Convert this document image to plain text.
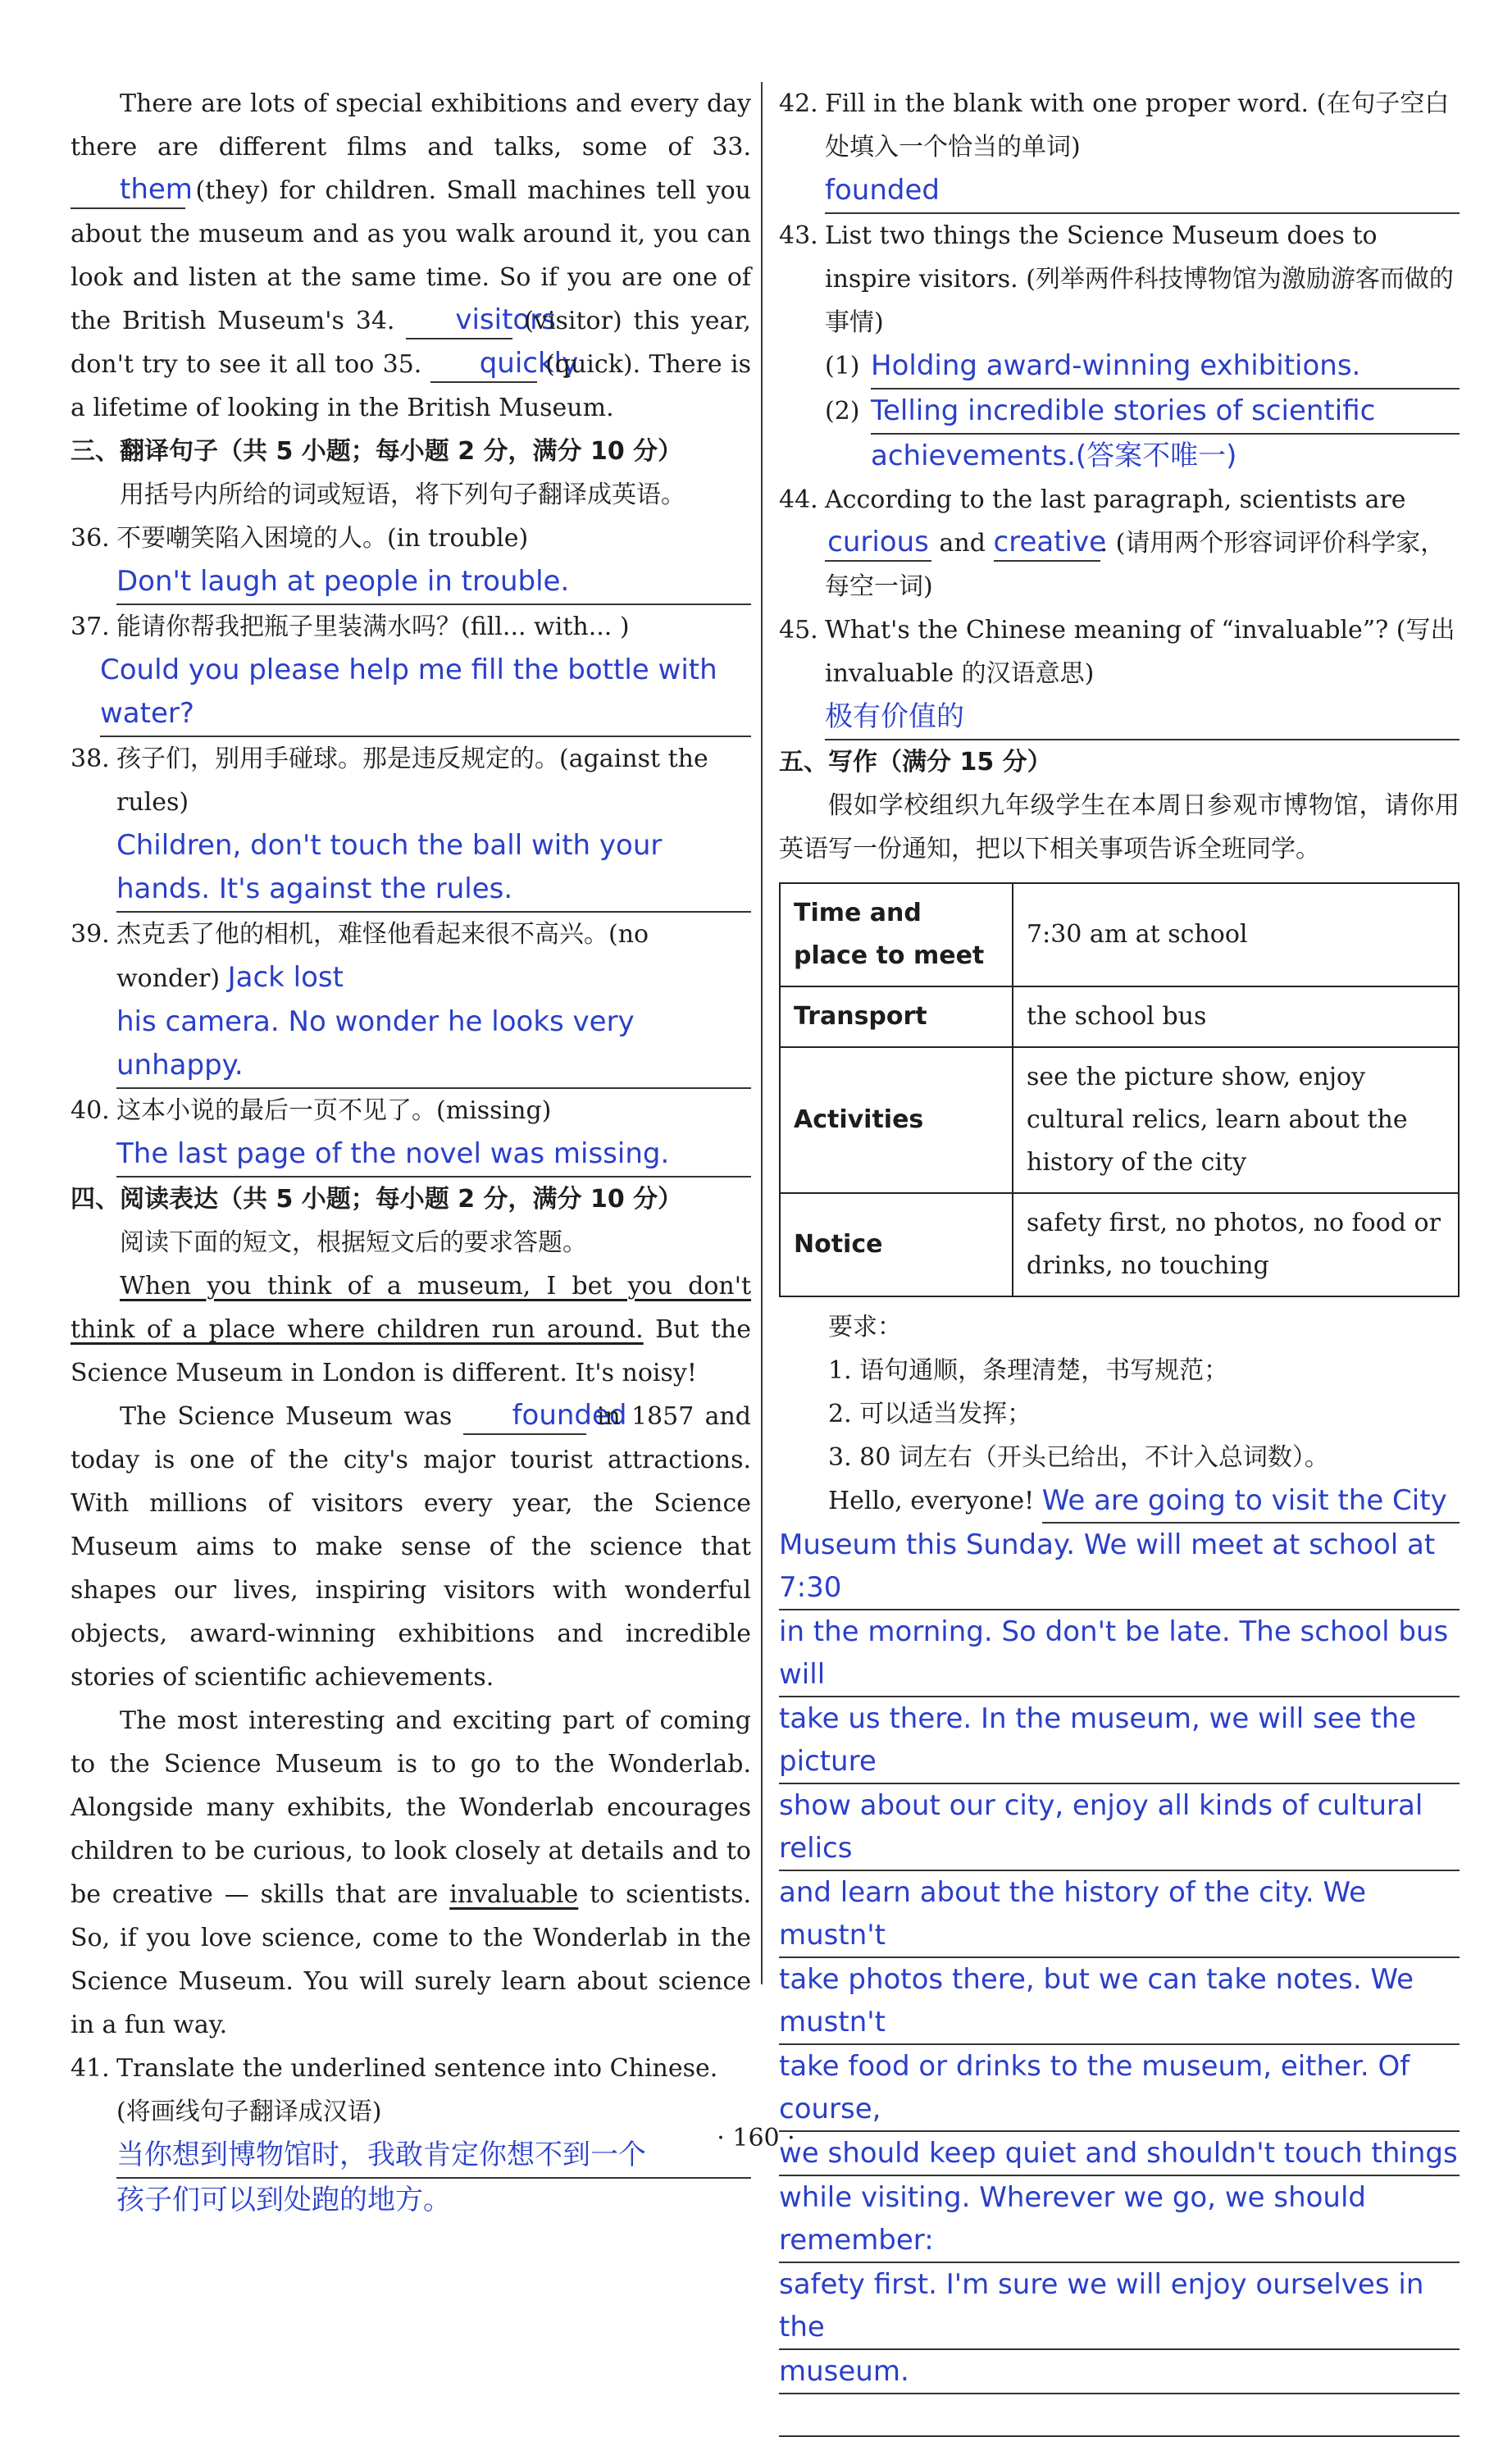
There are lots of special exhibitions and every day there are different films and talks, some of 33. them (they) for children. Small machines tell you about the museum and as you walk around it, you can look and listen at the same time. So if you are one of the British Museum's 34. visitors (visitor) this year, don't try to see it all too 35. quickly (quick). There is a lifetime of looking in the British Museum.

三、翻译句子（共 5 小题；每小题 2 分，满分 10 分）

用括号内所给的词或短语，将下列句子翻译成英语。

36. 不要嘲笑陷入困境的人。(in trouble)

Don't laugh at people in trouble.

37. 能请你帮我把瓶子里装满水吗？(fill... with... )

Could you please help me fill the bottle with water?

38. 孩子们，别用手碰球。那是违反规定的。(against the rules)

Children, don't touch the ball with your hands. It's against the rules.

39. 杰克丢了他的相机，难怪他看起来很不高兴。(no wonder) Jack lost

his camera. No wonder he looks very unhappy.

40. 这本小说的最后一页不见了。(missing)

The last page of the novel was missing.

四、阅读表达（共 5 小题；每小题 2 分，满分 10 分）

阅读下面的短文，根据短文后的要求答题。

When you think of a museum, I bet you don't think of a place where children run around. But the Science Museum in London is different. It's noisy!

The Science Museum was founded in 1857 and today is one of the city's major tourist attractions. With millions of visitors every year, the Science Museum aims to make sense of the science that shapes our lives, inspiring visitors with wonderful objects, award-winning exhibitions and incredible stories of scientific achievements.

The most interesting and exciting part of coming to the Science Museum is to go to the Wonderlab. Alongside many exhibits, the Wonderlab encourages children to be curious, to look closely at details and to be creative — skills that are invaluable to scientists. So, if you love science, come to the Wonderlab in the Science Museum. You will surely learn about science in a fun way.

41. Translate the underlined sentence into Chinese. (将画线句子翻译成汉语)

当你想到博物馆时，我敢肯定你想不到一个

孩子们可以到处跑的地方。

42. Fill in the blank with one proper word. (在句子空白处填入一个恰当的单词)

founded

43. List two things the Science Museum does to inspire visitors. (列举两件科技博物馆为激励游客而做的事情)
(1) Holding award-winning exhibitions.
(2) Telling incredible stories of scientific

achievements.(答案不唯一)

44. According to the last paragraph, scientists are curious and creative. (请用两个形容词评价科学家，每空一词)
45. What's the Chinese meaning of “invaluable”? (写出 invaluable 的汉语意思)

极有价值的

五、写作（满分 15 分）

假如学校组织九年级学生在本周日参观市博物馆，请你用英语写一份通知，把以下相关事项告诉全班同学。

Time and place to meet	7:30 am at school
Transport	the school bus
Activities	see the picture show, enjoy cultural relics, learn about the history of the city
Notice	safety first, no photos, no food or drinks, no touching

要求：

1. 语句通顺，条理清楚，书写规范；

2. 可以适当发挥；

3. 80 词左右（开头已给出，不计入总词数）。

Hello, everyone!
We are going to visit the City

Museum this Sunday. We will meet at school at 7:30

in the morning. So don't be late. The school bus will

take us there. In the museum, we will see the picture

show about our city, enjoy all kinds of cultural relics

and learn about the history of the city. We mustn't

take photos there, but we can take notes. We mustn't

take food or drinks to the museum, either. Of course,

we should keep quiet and shouldn't touch things

while visiting. Wherever we go, we should remember:

safety first. I'm sure we will enjoy ourselves in the

museum.

· 160 ·
